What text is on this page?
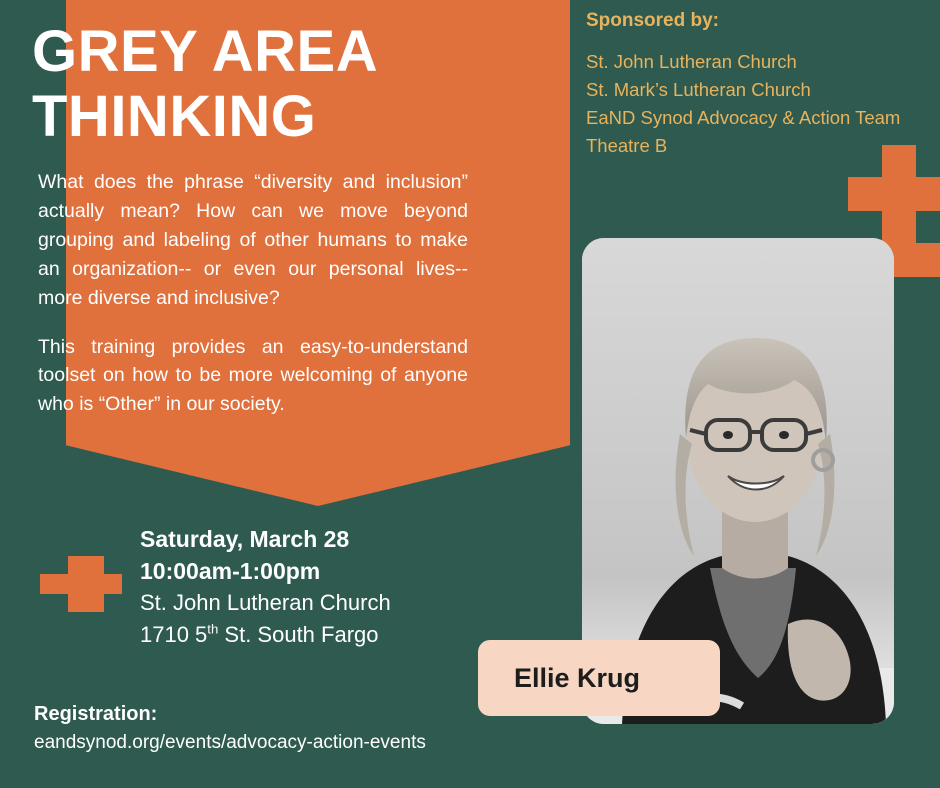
GREY AREA
THINKING

What does the phrase “diversity and inclusion” actually mean? How can we move beyond grouping and labeling of other humans to make an organization-- or even our personal lives-- more diverse and inclusive?

This training provides an easy-to-understand toolset on how to be more welcoming of anyone who is “Other” in our society.

Sponsored by:
St. John Lutheran Church
St. Mark’s Lutheran Church
EaND Synod Advocacy & Action Team
Theatre B
Saturday, March 28
10:00am-1:00pm
St. John Lutheran Church
1710 5th St. South Fargo
Registration:
eandsynod.org/events/advocacy-action-events
Ellie Krug
